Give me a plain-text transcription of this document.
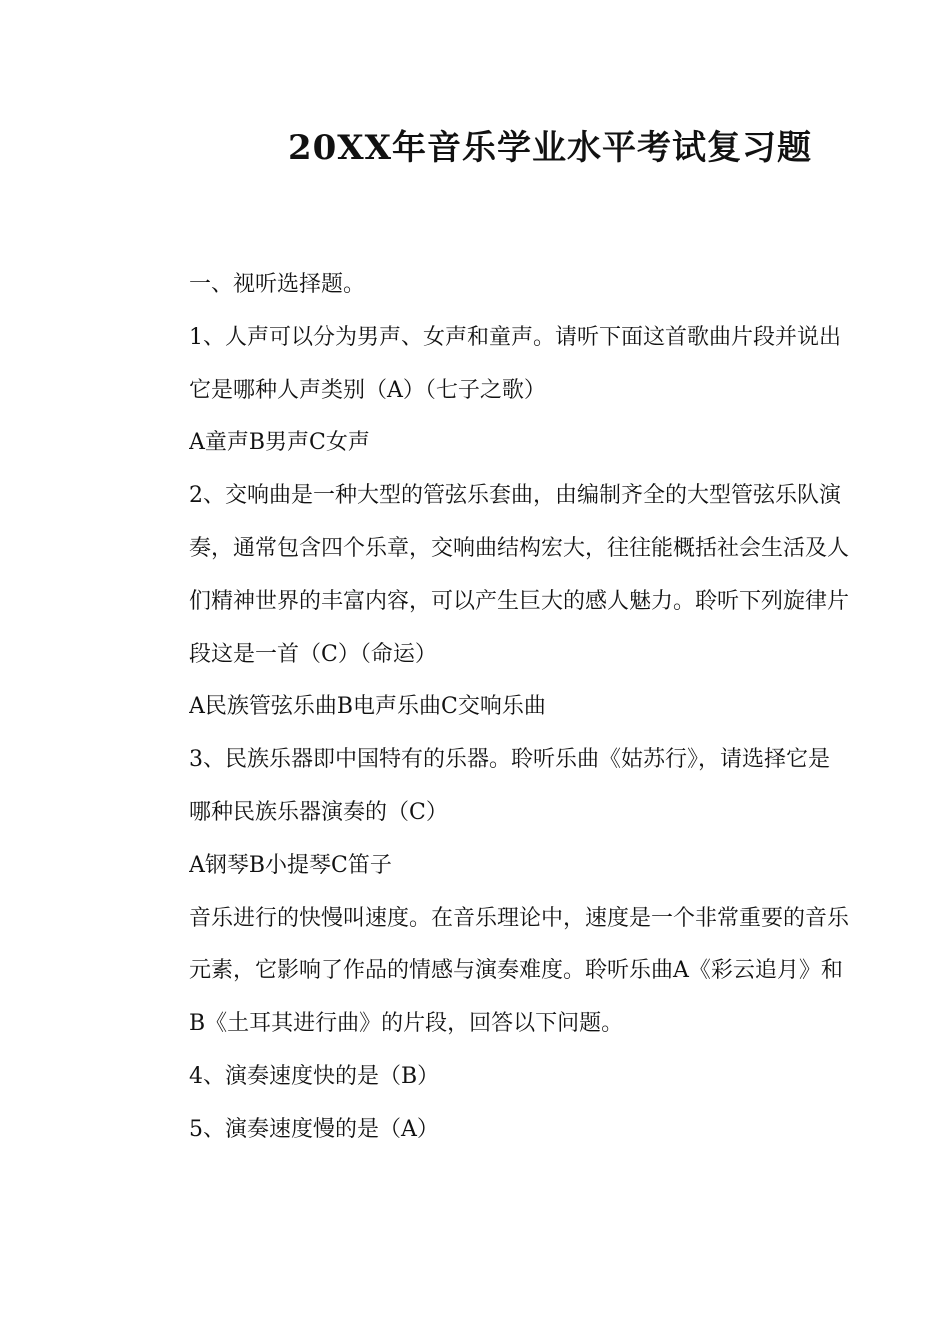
20XX年音乐学业水平考试复习题
一、视听选择题。
1、人声可以分为男声、女声和童声。请听下面这首歌曲片段并说出
它是哪种人声类别（A）（七子之歌）
A童声B男声C女声
2、交响曲是一种大型的管弦乐套曲，由编制齐全的大型管弦乐队演
奏，通常包含四个乐章，交响曲结构宏大，往往能概括社会生活及人
们精神世界的丰富内容，可以产生巨大的感人魅力。聆听下列旋律片
段这是一首（C）（命运）
A民族管弦乐曲B电声乐曲C交响乐曲
3、民族乐器即中国特有的乐器。聆听乐曲《姑苏行》，请选择它是
哪种民族乐器演奏的（C）
A钢琴B小提琴C笛子
音乐进行的快慢叫速度。在音乐理论中，速度是一个非常重要的音乐
元素，它影响了作品的情感与演奏难度。聆听乐曲A《彩云追月》和
B《土耳其进行曲》的片段，回答以下问题。
4、演奏速度快的是（B）
5、演奏速度慢的是（A）
